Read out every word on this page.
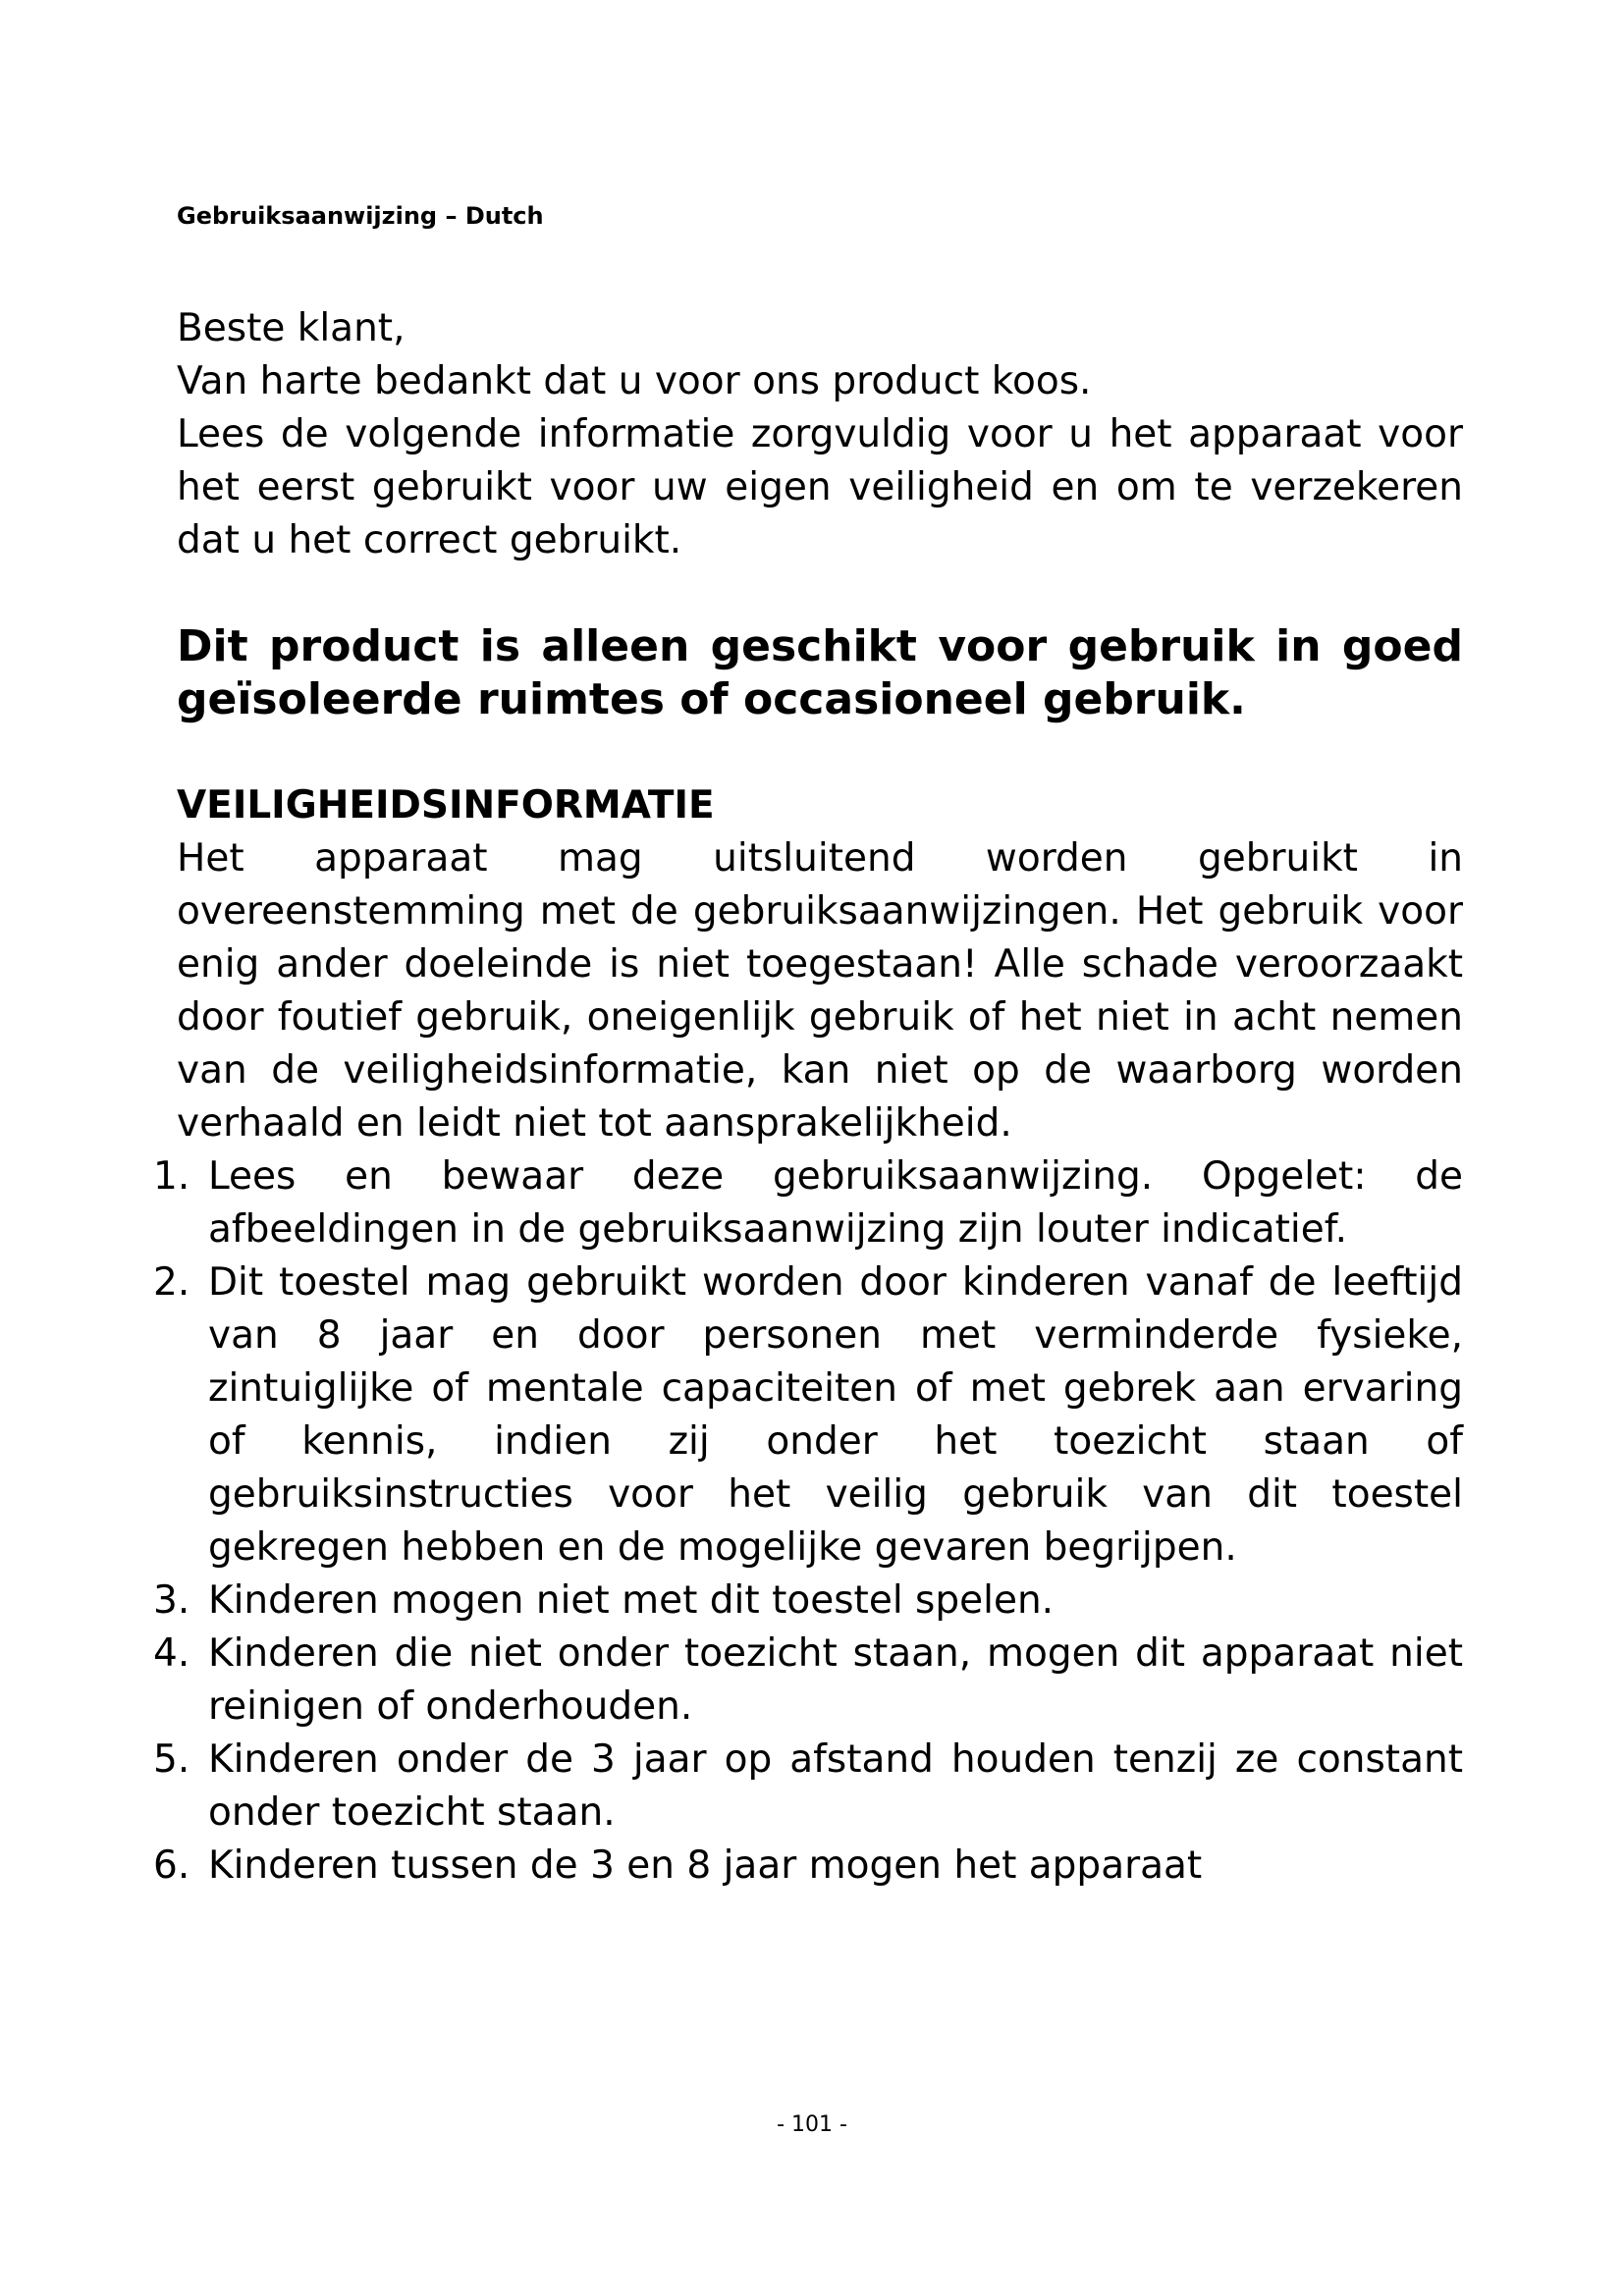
Gebruiksaanwijzing – Dutch

Beste klant,

Van harte bedankt dat u voor ons product koos.

Lees de volgende informatie zorgvuldig voor u het apparaat voor het eerst gebruikt voor uw eigen veiligheid en om te verzekeren dat u het correct gebruikt.

Dit product is alleen geschikt voor gebruik in goed geïsoleerde ruimtes of occasioneel gebruik.

VEILIGHEIDSINFORMATIE

Het apparaat mag uitsluitend worden gebruikt in overeenstemming met de gebruiksaanwijzingen. Het gebruik voor enig ander doeleinde is niet toegestaan! Alle schade veroorzaakt door foutief gebruik, oneigenlijk gebruik of het niet in acht nemen van de veiligheidsinformatie, kan niet op de waarborg worden verhaald en leidt niet tot aansprakelijkheid.

1. Lees en bewaar deze gebruiksaanwijzing. Opgelet: de afbeeldingen in de gebruiksaanwijzing zijn louter indicatief.
2. Dit toestel mag gebruikt worden door kinderen vanaf de leeftijd van 8 jaar en door personen met verminderde fysieke, zintuiglijke of mentale capaciteiten of met gebrek aan ervaring of kennis, indien zij onder het toezicht staan of gebruiksinstructies voor het veilig gebruik van dit toestel gekregen hebben en de mogelijke gevaren begrijpen.
3. Kinderen mogen niet met dit toestel spelen.
4. Kinderen die niet onder toezicht staan, mogen dit apparaat niet reinigen of onderhouden.
5. Kinderen onder de 3 jaar op afstand houden tenzij ze constant onder toezicht staan.
6. Kinderen tussen de 3 en 8 jaar mogen het apparaat
- 101 -
